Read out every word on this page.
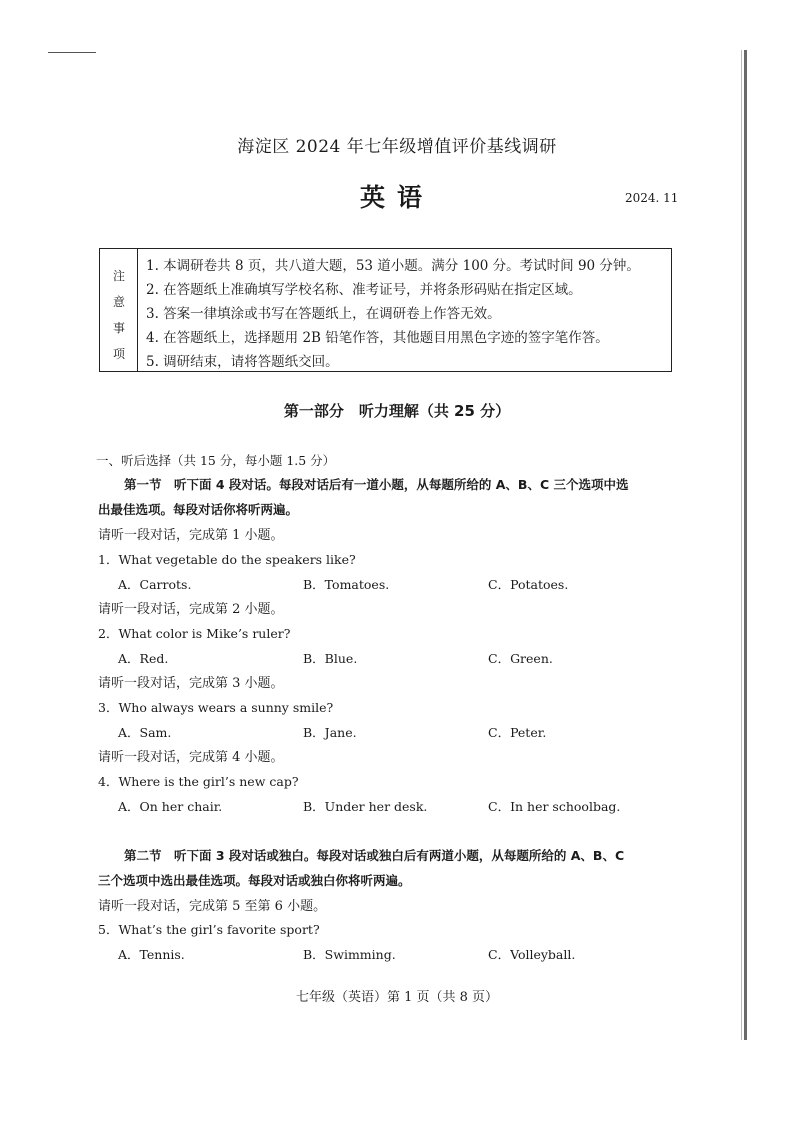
海淀区 2024 年七年级增值评价基线调研
英语	2024. 11
注
意
事
项
1. 本调研卷共 8 页，共八道大题，53 道小题。满分 100 分。考试时间 90 分钟。
2. 在答题纸上准确填写学校名称、准考证号，并将条形码贴在指定区域。
3. 答案一律填涂或书写在答题纸上，在调研卷上作答无效。
4. 在答题纸上，选择题用 2B 铅笔作答，其他题目用黑色字迹的签字笔作答。
5. 调研结束，请将答题纸交回。
第一部分　听力理解（共 25 分）
一、听后选择（共 15 分，每小题 1.5 分）
第一节　听下面 4 段对话。每段对话后有一道小题，从每题所给的 A、B、C 三个选项中选
出最佳选项。每段对话你将听两遍。
请听一段对话，完成第 1 小题。
1．What vegetable do the speakers like?
A．Carrots.	B．Tomatoes.	C．Potatoes.
请听一段对话，完成第 2 小题。
2．What color is Mike’s ruler?
A．Red.	B．Blue.	C．Green.
请听一段对话，完成第 3 小题。
3．Who always wears a sunny smile?
A．Sam.	B．Jane.	C．Peter.
请听一段对话，完成第 4 小题。
4．Where is the girl’s new cap?
A．On her chair.	B．Under her desk.	C．In her schoolbag.
第二节　听下面 3 段对话或独白。每段对话或独白后有两道小题，从每题所给的 A、B、C
三个选项中选出最佳选项。每段对话或独白你将听两遍。
请听一段对话，完成第 5 至第 6 小题。
5．What’s the girl’s favorite sport?
A．Tennis.	B．Swimming.	C．Volleyball.
七年级（英语）第 1 页（共 8 页）
